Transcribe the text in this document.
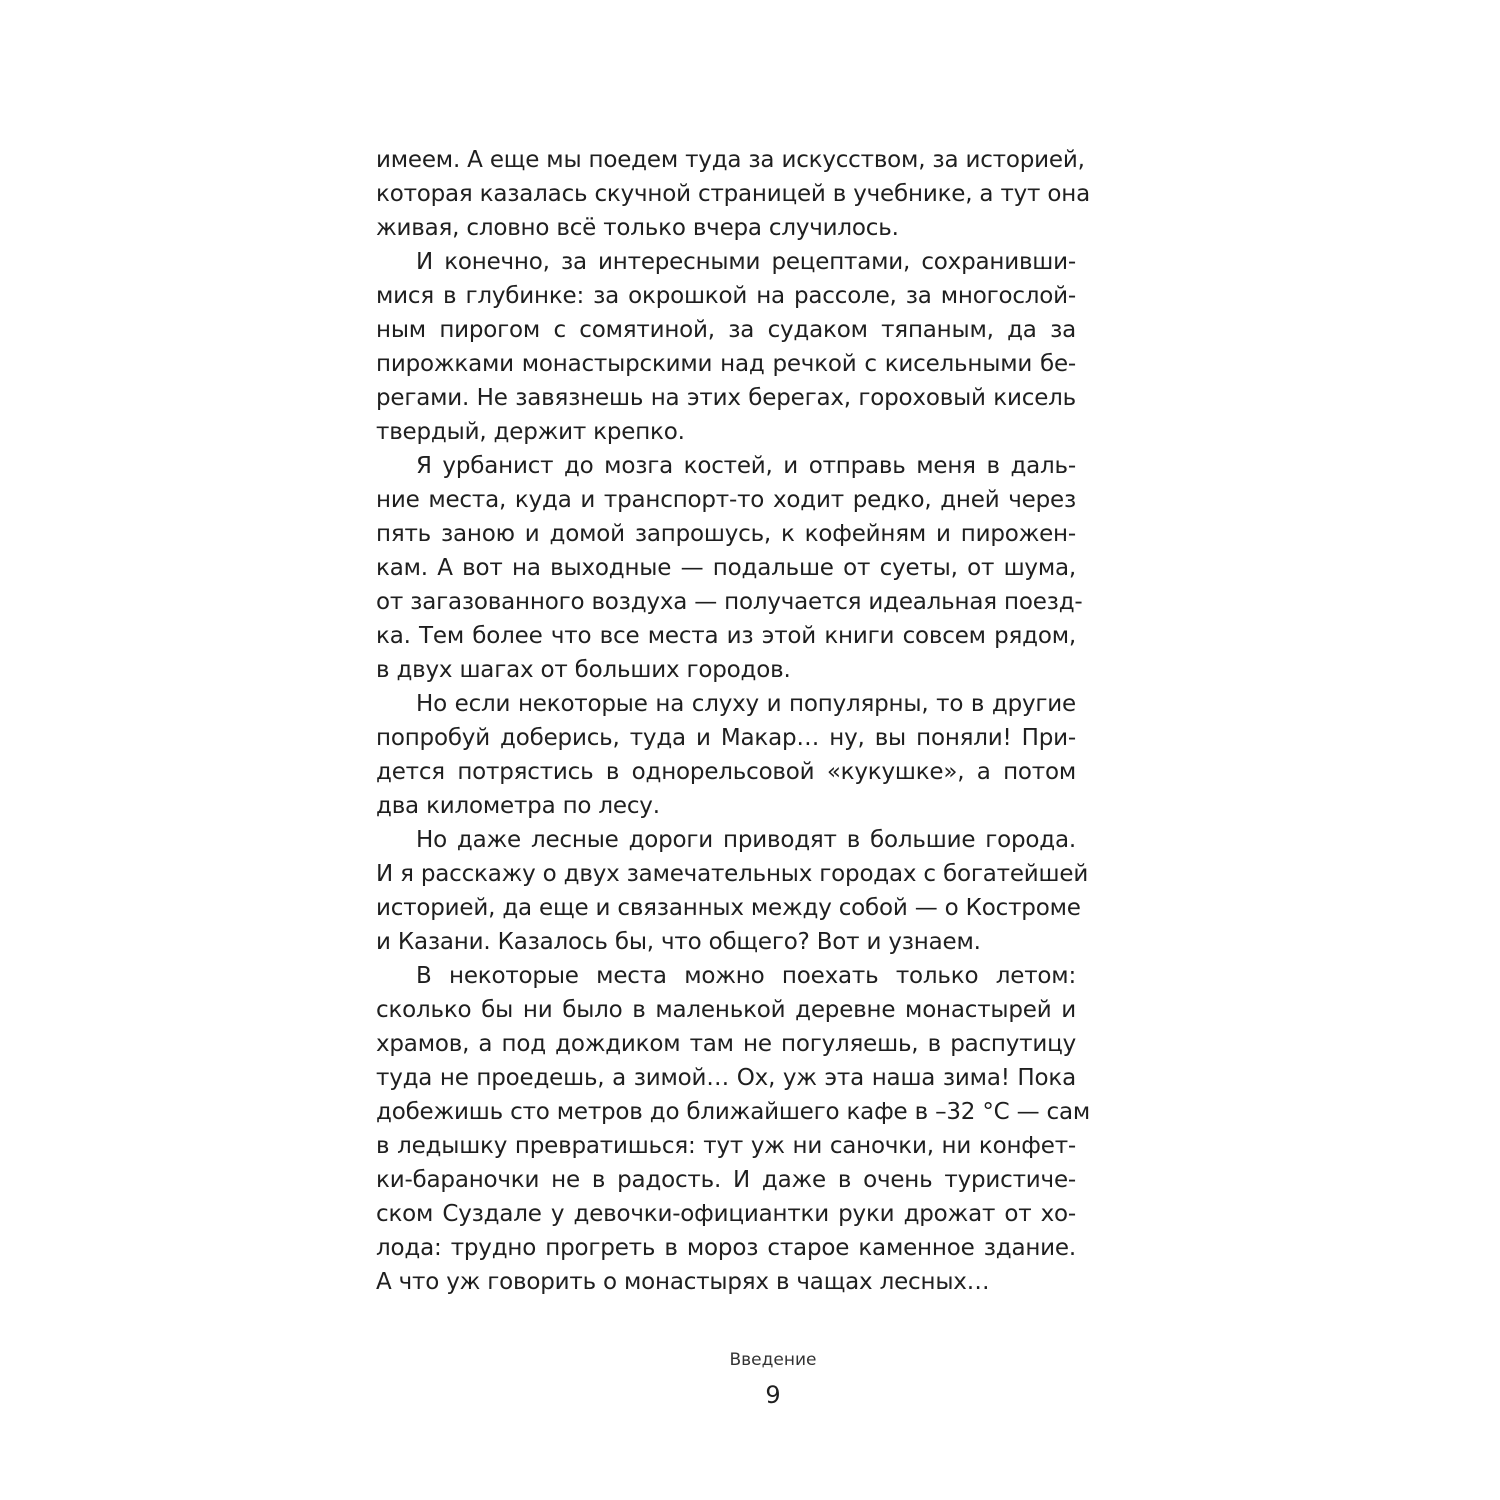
имеем. А еще мы поедем туда за искусством, за историей,
которая казалась скучной страницей в учебнике, а тут она
живая, словно всё только вчера случилось.
И конечно, за интересными рецептами, сохранивши-
мися в глубинке: за окрошкой на рассоле, за многослой-
ным пирогом с сомятиной, за судаком тяпаным, да за
пирожками монастырскими над речкой с кисельными бе-
регами. Не завязнешь на этих берегах, гороховый кисель
твердый, держит крепко.
Я урбанист до мозга костей, и отправь меня в даль-
ние места, куда и транспорт-то ходит редко, дней через
пять заною и домой запрошусь, к кофейням и пирожен-
кам. А вот на выходные — подальше от суеты, от шума,
от загазованного воздуха — получается идеальная поезд-
ка. Тем более что все места из этой книги совсем рядом,
в двух шагах от больших городов.
Но если некоторые на слуху и популярны, то в другие
попробуй доберись, туда и Макар… ну, вы поняли! При-
дется потрястись в однорельсовой «кукушке», а потом
два километра по лесу.
Но даже лесные дороги приводят в большие города.
И я расскажу о двух замечательных городах с богатейшей
историей, да еще и связанных между собой — о Костроме
и Казани. Казалось бы, что общего? Вот и узнаем.
В некоторые места можно поехать только летом:
сколько бы ни было в маленькой деревне монастырей и
храмов, а под дождиком там не погуляешь, в распутицу
туда не проедешь, а зимой… Ох, уж эта наша зима! Пока
добежишь сто метров до ближайшего кафе в –32 °С — сам
в ледышку превратишься: тут уж ни саночки, ни конфет-
ки-бараночки не в радость. И даже в очень туристиче-
ском Суздале у девочки-официантки руки дрожат от хо-
лода: трудно прогреть в мороз старое каменное здание.
А что уж говорить о монастырях в чащах лесных…
Введение
9
